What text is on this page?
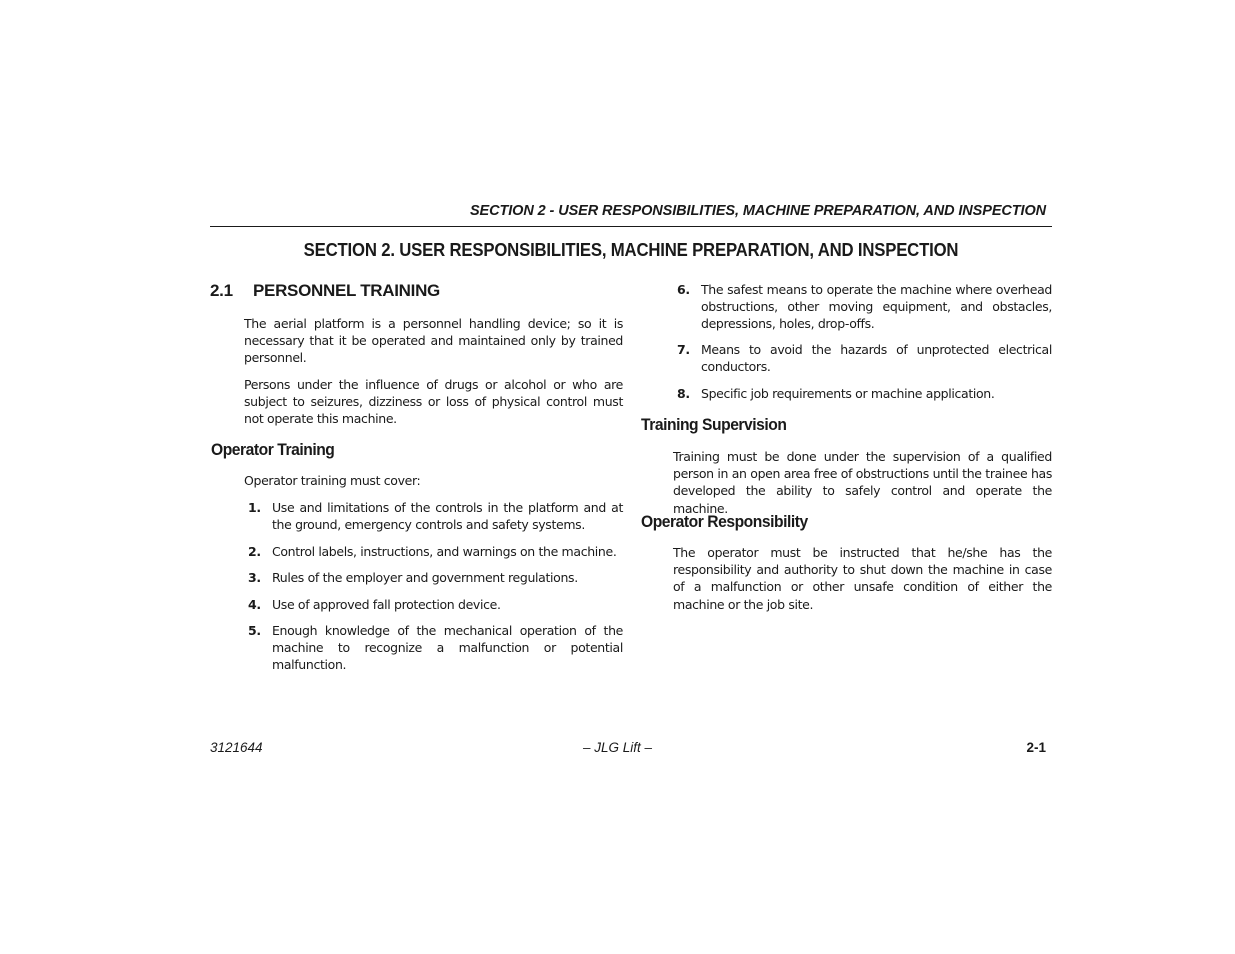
SECTION 2 - USER RESPONSIBILITIES, MACHINE PREPARATION, AND INSPECTION
SECTION 2. USER RESPONSIBILITIES, MACHINE PREPARATION, AND INSPECTION
2.1 PERSONNEL TRAINING
The aerial platform is a personnel handling device; so it is necessary that it be operated and maintained only by trained personnel.
Persons under the influence of drugs or alcohol or who are subject to seizures, dizziness or loss of physical control must not operate this machine.
Operator Training
Operator training must cover:
1. Use and limitations of the controls in the platform and at the ground, emergency controls and safety systems.
2. Control labels, instructions, and warnings on the machine.
3. Rules of the employer and government regulations.
4. Use of approved fall protection device.
5. Enough knowledge of the mechanical operation of the machine to recognize a malfunction or potential malfunction.
6. The safest means to operate the machine where overhead obstructions, other moving equipment, and obstacles, depressions, holes, drop-offs.
7. Means to avoid the hazards of unprotected electrical conductors.
8. Specific job requirements or machine application.
Training Supervision
Training must be done under the supervision of a qualified person in an open area free of obstructions until the trainee has developed the ability to safely control and operate the machine.
Operator Responsibility
The operator must be instructed that he/she has the responsibility and authority to shut down the machine in case of a malfunction or other unsafe condition of either the machine or the job site.
3121644	– JLG Lift –	2-1
